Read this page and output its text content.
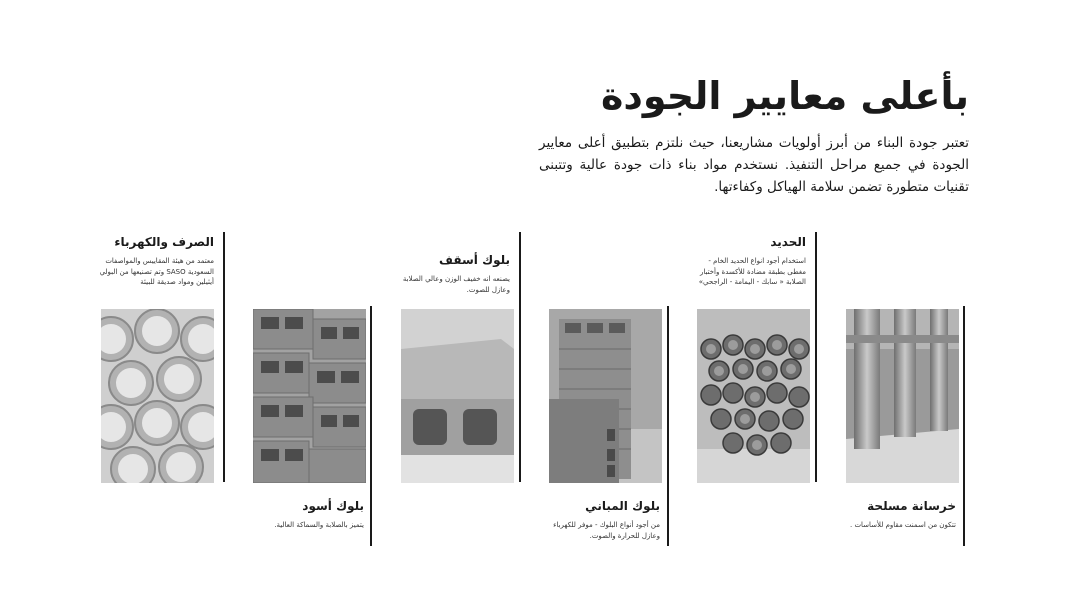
بأعلى معايير الجودة

تعتبر جودة البناء من أبرز أولويات مشاريعنا، حيث نلتزم بتطبيق أعلى معايير الجودة في جميع مراحل التنفيذ. نستخدم مواد بناء ذات جودة عالية وتتبنى تقنيات متطورة تضمن سلامة الهياكل وكفاءتها.

خرسانة مسلحة

تتكون من اسمنت مقاوم للأساسات .

الحديد

استخدام أجود انواع الحديد الخام - مغطى بطبقة مضادة للأكسدة وأختبار الصلابة « سابك - اليمامة - الراجحي»

بلوك المباني

من أجود أنواع البلوك - موفر للكهرباء وعازل للحرارة والصوت.

بلوك أسقف

يصنعه انه خفيف الوزن وعالي الصلابة وعازل للصوت.

بلوك أسود

يتميز بالصلابة والسماكة العالية.

الصرف والكهرباء

معتمد من هيئة المقاييس والمواصفات السعودية SASO وتم تصنيعها من البولي أيثيلين ومواد صديقة للبيئة
